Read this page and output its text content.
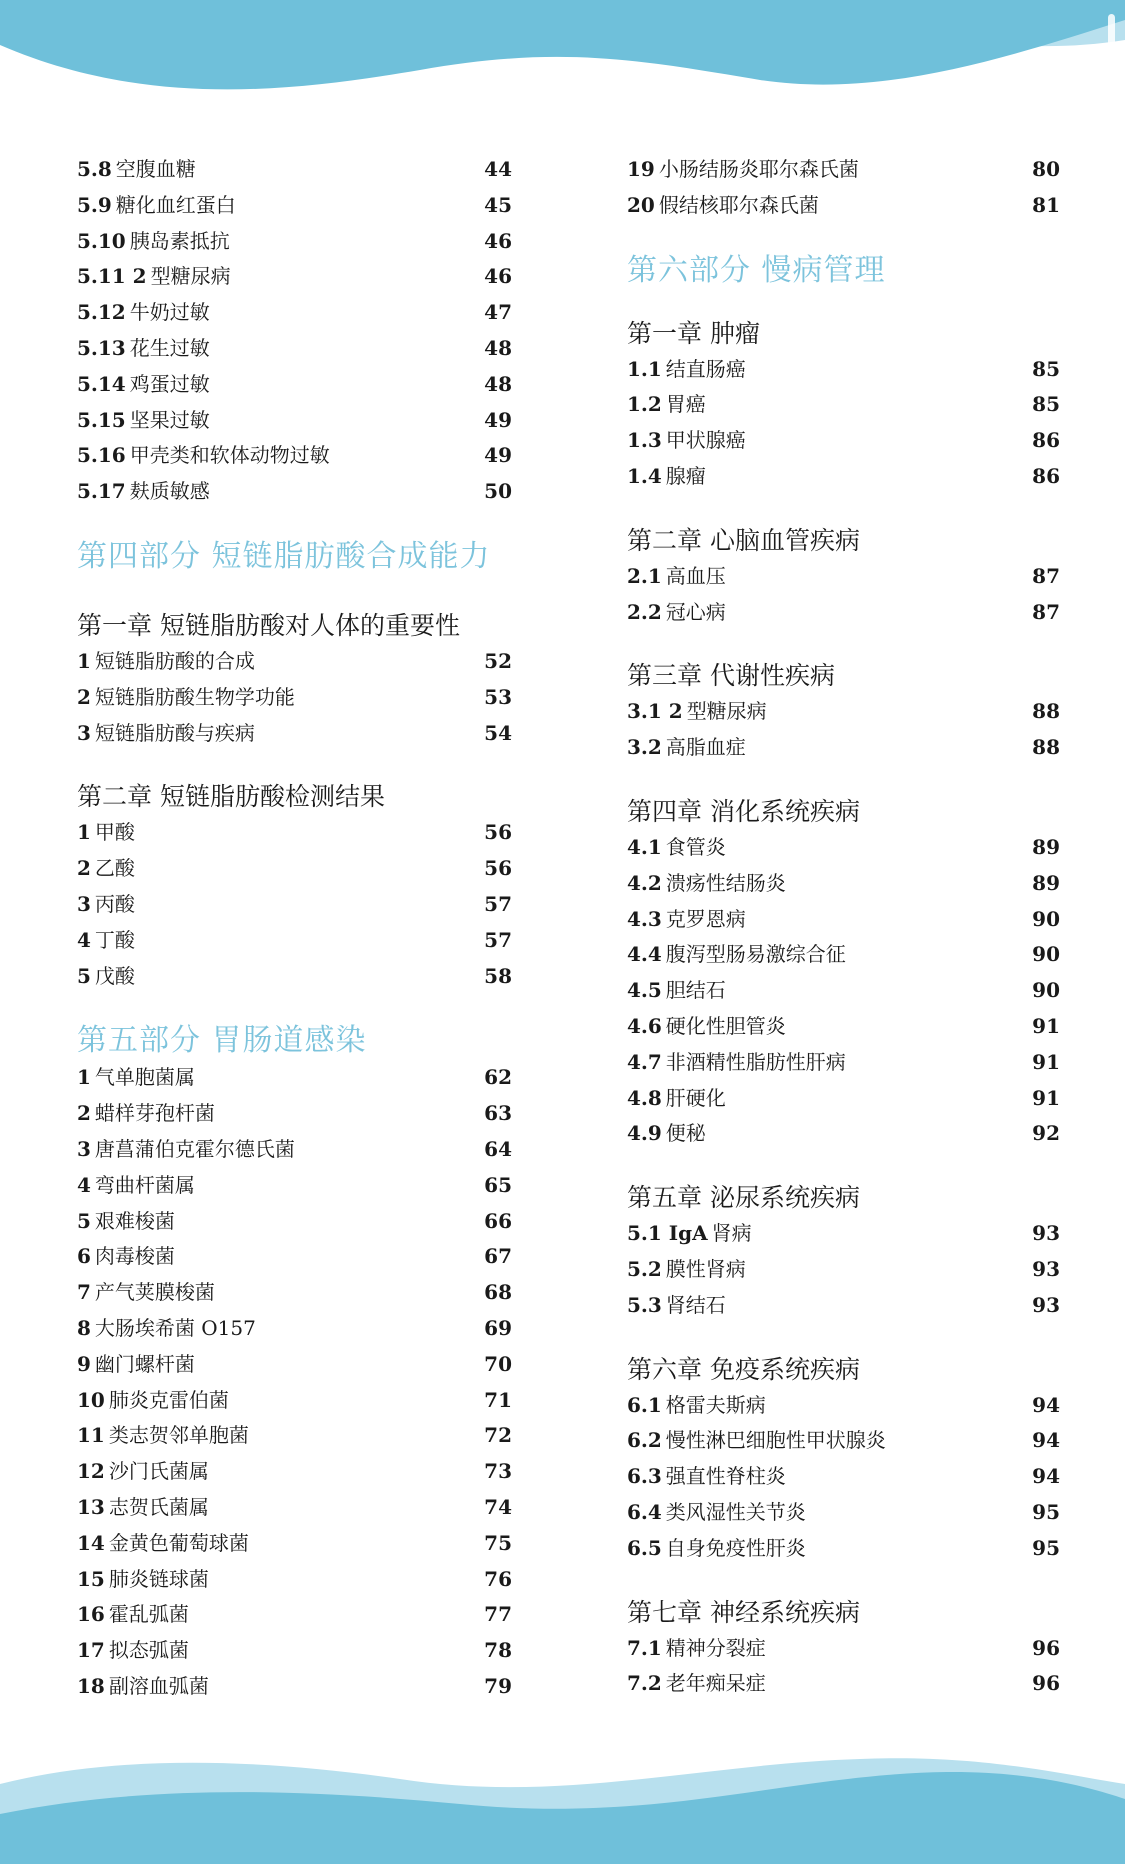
5.8 空腹血糖	44
5.9 糖化血红蛋白	45
5.10 胰岛素抵抗	46
5.11 2 型糖尿病	46
5.12 牛奶过敏	47
5.13 花生过敏	48
5.14 鸡蛋过敏	48
5.15 坚果过敏	49
5.16 甲壳类和软体动物过敏	49
5.17 麸质敏感	50
第四部分 短链脂肪酸合成能力
第一章 短链脂肪酸对人体的重要性
1 短链脂肪酸的合成	52
2 短链脂肪酸生物学功能	53
3 短链脂肪酸与疾病	54
第二章 短链脂肪酸检测结果
1 甲酸	56
2 乙酸	56
3 丙酸	57
4 丁酸	57
5 戊酸	58
第五部分 胃肠道感染
1 气单胞菌属	62
2 蜡样芽孢杆菌	63
3 唐菖蒲伯克霍尔德氏菌	64
4 弯曲杆菌属	65
5 艰难梭菌	66
6 肉毒梭菌	67
7 产气荚膜梭菌	68
8 大肠埃希菌 O157	69
9 幽门螺杆菌	70
10 肺炎克雷伯菌	71
11 类志贺邻单胞菌	72
12 沙门氏菌属	73
13 志贺氏菌属	74
14 金黄色葡萄球菌	75
15 肺炎链球菌	76
16 霍乱弧菌	77
17 拟态弧菌	78
18 副溶血弧菌	79
19 小肠结肠炎耶尔森氏菌	80
20 假结核耶尔森氏菌	81
第六部分 慢病管理
第一章 肿瘤
1.1 结直肠癌	85
1.2 胃癌	85
1.3 甲状腺癌	86
1.4 腺瘤	86
第二章 心脑血管疾病
2.1 高血压	87
2.2 冠心病	87
第三章 代谢性疾病
3.1 2 型糖尿病	88
3.2 高脂血症	88
第四章 消化系统疾病
4.1 食管炎	89
4.2 溃疡性结肠炎	89
4.3 克罗恩病	90
4.4 腹泻型肠易激综合征	90
4.5 胆结石	90
4.6 硬化性胆管炎	91
4.7 非酒精性脂肪性肝病	91
4.8 肝硬化	91
4.9 便秘	92
第五章 泌尿系统疾病
5.1 IgA 肾病	93
5.2 膜性肾病	93
5.3 肾结石	93
第六章 免疫系统疾病
6.1 格雷夫斯病	94
6.2 慢性淋巴细胞性甲状腺炎	94
6.3 强直性脊柱炎	94
6.4 类风湿性关节炎	95
6.5 自身免疫性肝炎	95
第七章 神经系统疾病
7.1 精神分裂症	96
7.2 老年痴呆症	96
